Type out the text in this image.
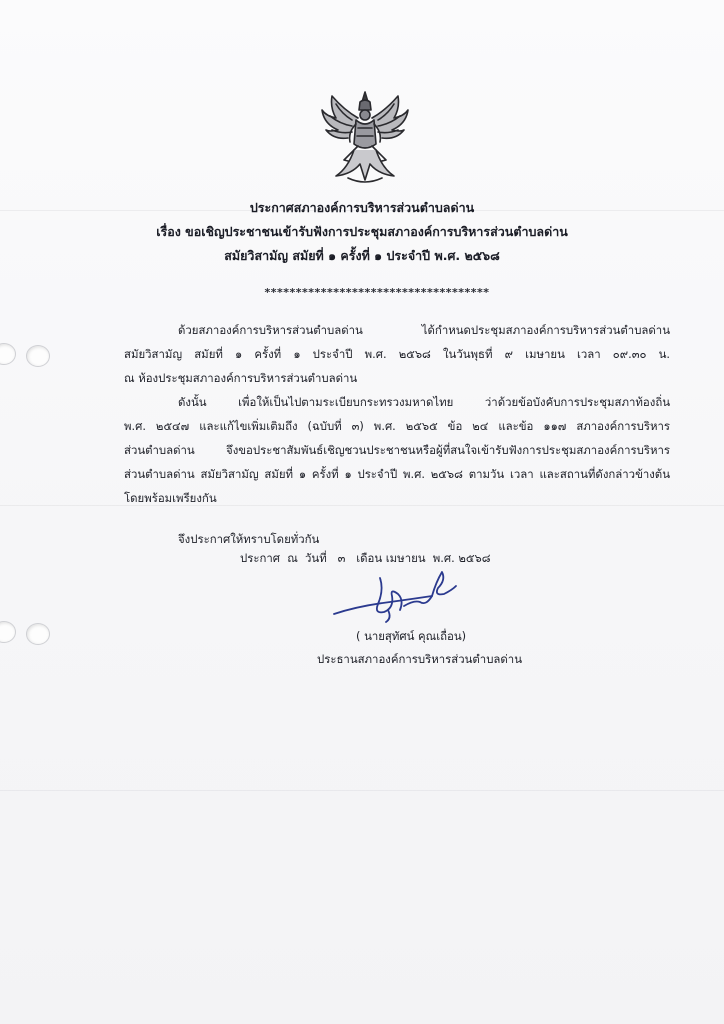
ประกาศสภาองค์การบริหารส่วนตำบลด่าน
เรื่อง ขอเชิญประชาชนเข้ารับฟังการประชุมสภาองค์การบริหารส่วนตำบลด่าน
สมัยวิสามัญ สมัยที่ ๑ ครั้งที่ ๑ ประจำปี พ.ศ. ๒๕๖๘
************************************
ด้วยสภาองค์การบริหารส่วนตำบลด่าน ได้กำหนดประชุมสภาองค์การบริหารส่วนตำบลด่าน
สมัยวิสามัญ สมัยที่ ๑ ครั้งที่ ๑ ประจำปี พ.ศ. ๒๕๖๘ ในวันพุธที่ ๙ เมษายน เวลา ๐๙.๓๐ น.
ณ ห้องประชุมสภาองค์การบริหารส่วนตำบลด่าน
ดังนั้น เพื่อให้เป็นไปตามระเบียบกระทรวงมหาดไทย ว่าด้วยข้อบังคับการประชุมสภาท้องถิ่น
พ.ศ. ๒๕๔๗ และแก้ไขเพิ่มเติมถึง (ฉบับที่ ๓) พ.ศ. ๒๕๖๕ ข้อ ๒๔ และข้อ ๑๑๗ สภาองค์การบริหาร
ส่วนตำบลด่าน จึงขอประชาสัมพันธ์เชิญชวนประชาชนหรือผู้ที่สนใจเข้ารับฟังการประชุมสภาองค์การบริหาร
ส่วนตำบลด่าน สมัยวิสามัญ สมัยที่ ๑ ครั้งที่ ๑ ประจำปี พ.ศ. ๒๕๖๘ ตามวัน เวลา และสถานที่ดังกล่าวข้างต้น
โดยพร้อมเพรียงกัน
จึงประกาศให้ทราบโดยทั่วกัน
ประกาศ  ณ  วันที่   ๓   เดือน เมษายน  พ.ศ. ๒๕๖๘
( นายสุทัศน์ คุณเถื่อน)
ประธานสภาองค์การบริหารส่วนตำบลด่าน
